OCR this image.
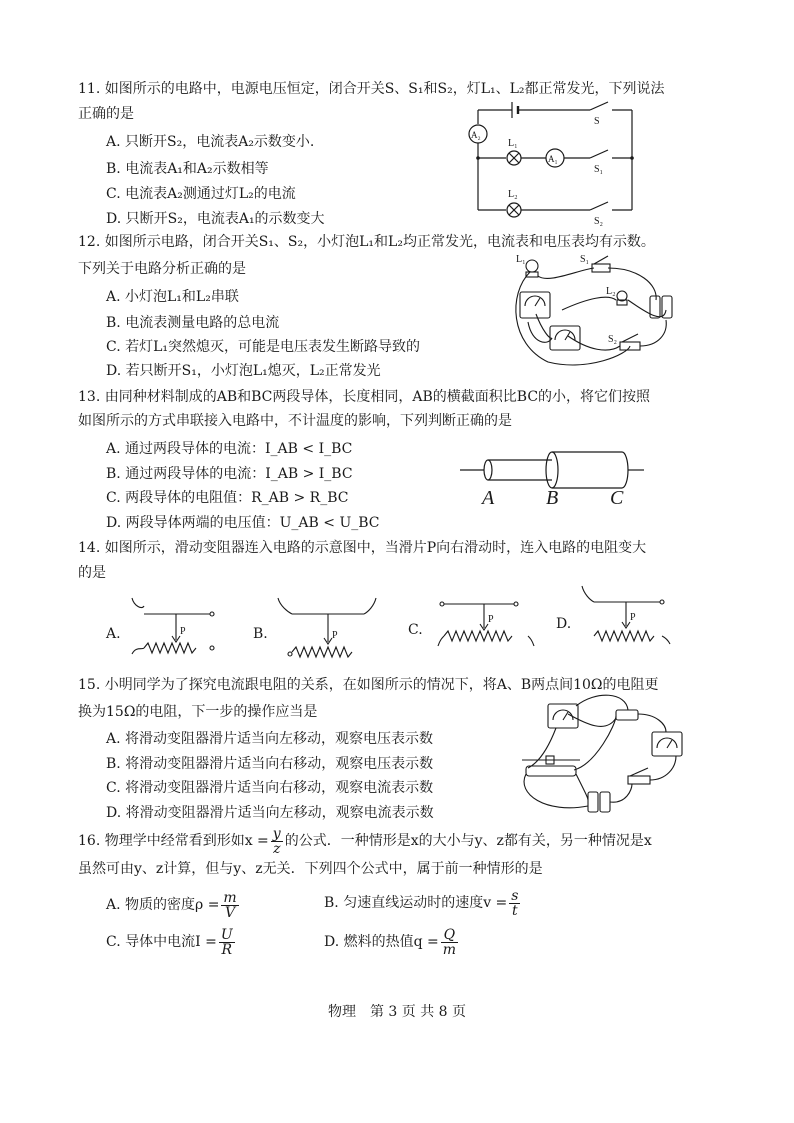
11. 如图所示的电路中，电源电压恒定，闭合开关S、S₁和S₂，灯L₁、L₂都正常发光，下列说法
正确的是
A. 只断开S₂，电流表A₂示数变小.
B. 电流表A₁和A₂示数相等
C. 电流表A₂测通过灯L₂的电流
D. 只断开S₂，电流表A₁的示数变大
A₂
A₁
L₁
L₂
S
S₁
S₂
12. 如图所示电路，闭合开关S₁、S₂，小灯泡L₁和L₂均正常发光，电流表和电压表均有示数。
下列关于电路分析正确的是
A. 小灯泡L₁和L₂串联
B. 电流表测量电路的总电流
C. 若灯L₁突然熄灭，可能是电压表发生断路导致的
D. 若只断开S₁，小灯泡L₁熄灭，L₂正常发光
L₁	S₁
L₂
S₂
13. 由同种材料制成的AB和BC两段导体，长度相同，AB的横截面积比BC的小，将它们按照
如图所示的方式串联接入电路中，不计温度的影响，下列判断正确的是
A. 通过两段导体的电流：I_AB < I_BC
B. 通过两段导体的电流：I_AB > I_BC
C. 两段导体的电阻值：R_AB > R_BC
D. 两段导体两端的电压值：U_AB < U_BC
A	B	C
14. 如图所示，滑动变阻器连入电路的示意图中，当滑片P向右滑动时，连入电路的电阻变大
的是
A.	P	B.	P	C.
P	D.	P
15. 小明同学为了探究电流跟电阻的关系，在如图所示的情况下，将A、B两点间10Ω的电阻更
换为15Ω的电阻，下一步的操作应当是
A. 将滑动变阻器滑片适当向左移动，观察电压表示数
B. 将滑动变阻器滑片适当向右移动，观察电压表示数
C. 将滑动变阻器滑片适当向右移动，观察电流表示数
D. 将滑动变阻器滑片适当向左移动，观察电流表示数
16. 物理学中经常看到形如$x = \frac{y}{z}$ 的公式．一种情形是x的大小与y、z都有关，另一种情况是x
虽然可由y、z计算，但与y、z无关．下列四个公式中，属于前一种情形的是
A. 物质的密度$\rho = \frac{m}{V}$	B. 匀速直线运动时的速度$v = \frac{s}{t}$
C. 导体中电流$I = \frac{U}{R}$	D. 燃料的热值$q = \frac{Q}{m}$
物理　第 3 页 共 8 页
